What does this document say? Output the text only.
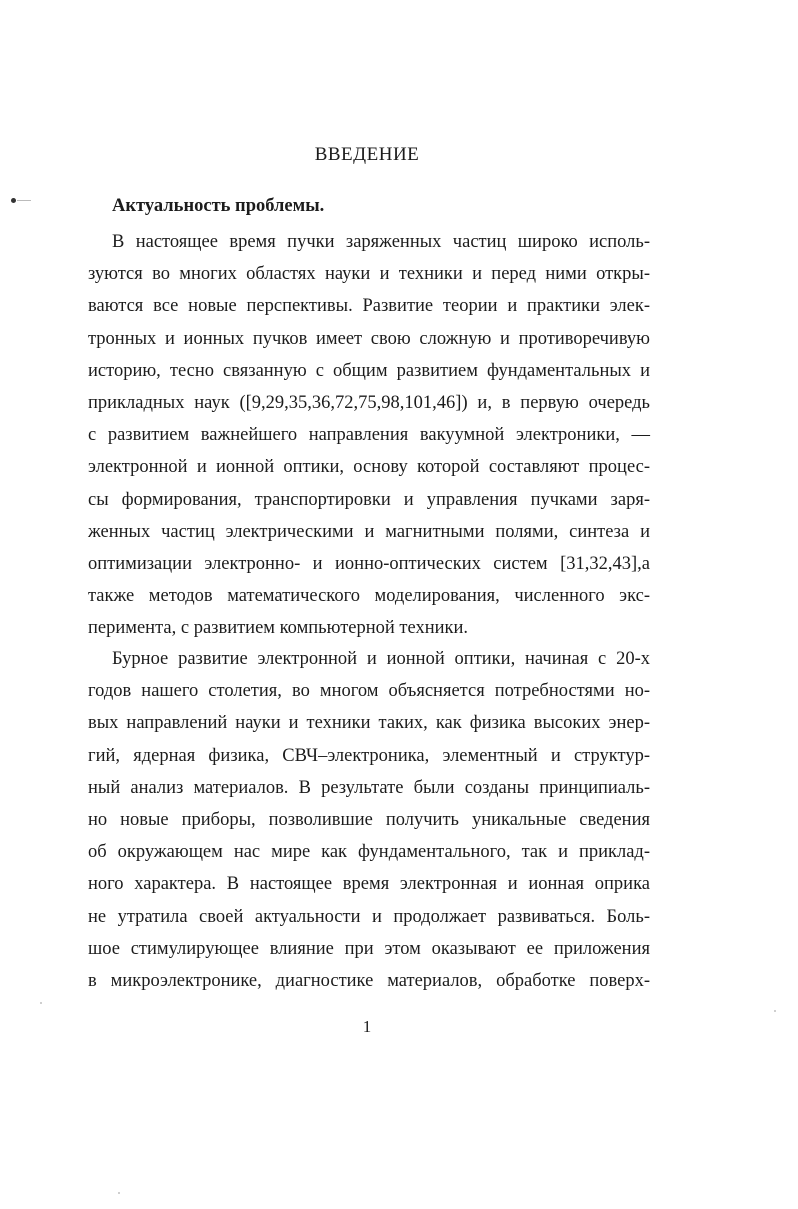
ВВЕДЕНИЕ
Актуальность проблемы.
В настоящее время пучки заряженных частиц широко исполь-
зуются во многих областях науки и техники и перед ними откры-
ваются все новые перспективы. Развитие теории и практики элек-
тронных и ионных пучков имеет свою сложную и противоречивую
историю, тесно связанную с общим развитием фундаментальных и
прикладных наук ([9,29,35,36,72,75,98,101,46]) и, в первую очередь
с развитием важнейшего направления вакуумной электроники, —
электронной и ионной оптики, основу которой составляют процес-
сы формирования, транспортировки и управления пучками заря-
женных частиц электрическими и магнитными полями, синтеза и
оптимизации электронно- и ионно-оптических систем [31,32,43],а
также методов математического моделирования, численного экс-
перимента, с развитием компьютерной техники.
Бурное развитие электронной и ионной оптики, начиная с 20-х
годов нашего столетия, во многом объясняется потребностями но-
вых направлений науки и техники таких, как физика высоких энер-
гий, ядерная физика, СВЧ–электроника, элементный и структур-
ный анализ материалов. В результате были созданы принципиаль-
но новые приборы, позволившие получить уникальные сведения
об окружающем нас мире как фундаментального, так и приклад-
ного характера. В настоящее время электронная и ионная оприка
не утратила своей актуальности и продолжает развиваться. Боль-
шое стимулирующее влияние при этом оказывают ее приложения
в микроэлектронике, диагностике материалов, обработке поверх-
1
